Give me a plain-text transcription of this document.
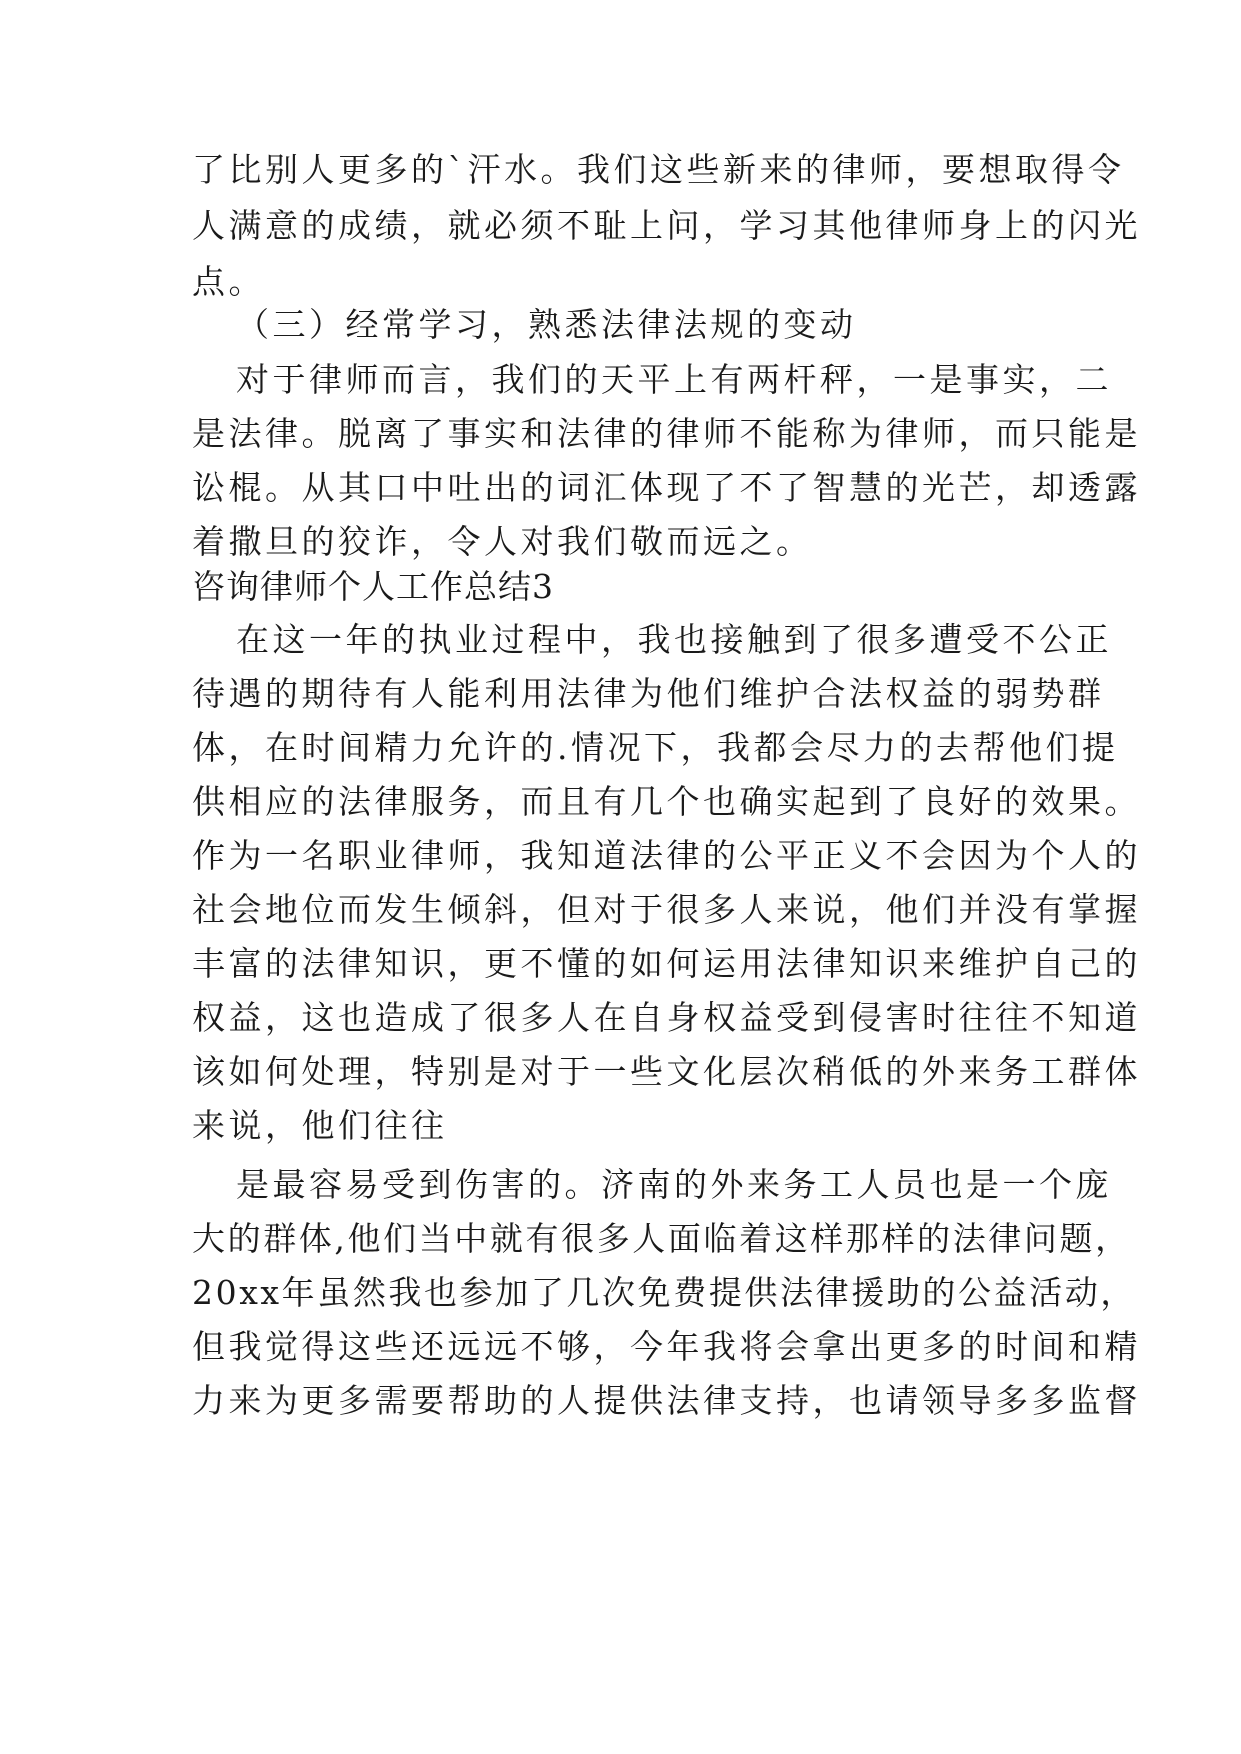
了比别人更多的`汗水。我们这些新来的律师，要想取得令
人满意的成绩，就必须不耻上问，学习其他律师身上的闪光
点。
（三）经常学习，熟悉法律法规的变动
对于律师而言，我们的天平上有两杆秤，一是事实，二
是法律。脱离了事实和法律的律师不能称为律师，而只能是
讼棍。从其口中吐出的词汇体现了不了智慧的光芒，却透露
着撒旦的狡诈，令人对我们敬而远之。
咨询律师个人工作总结3
在这一年的执业过程中，我也接触到了很多遭受不公正
待遇的期待有人能利用法律为他们维护合法权益的弱势群
体，在时间精力允许的.情况下，我都会尽力的去帮他们提
供相应的法律服务，而且有几个也确实起到了良好的效果。
作为一名职业律师，我知道法律的公平正义不会因为个人的
社会地位而发生倾斜，但对于很多人来说，他们并没有掌握
丰富的法律知识，更不懂的如何运用法律知识来维护自己的
权益，这也造成了很多人在自身权益受到侵害时往往不知道
该如何处理，特别是对于一些文化层次稍低的外来务工群体
来说，他们往往
是最容易受到伤害的。济南的外来务工人员也是一个庞
大的群体,他们当中就有很多人面临着这样那样的法律问题，
20xx年虽然我也参加了几次免费提供法律援助的公益活动，
但我觉得这些还远远不够，今年我将会拿出更多的时间和精
力来为更多需要帮助的人提供法律支持，也请领导多多监督
